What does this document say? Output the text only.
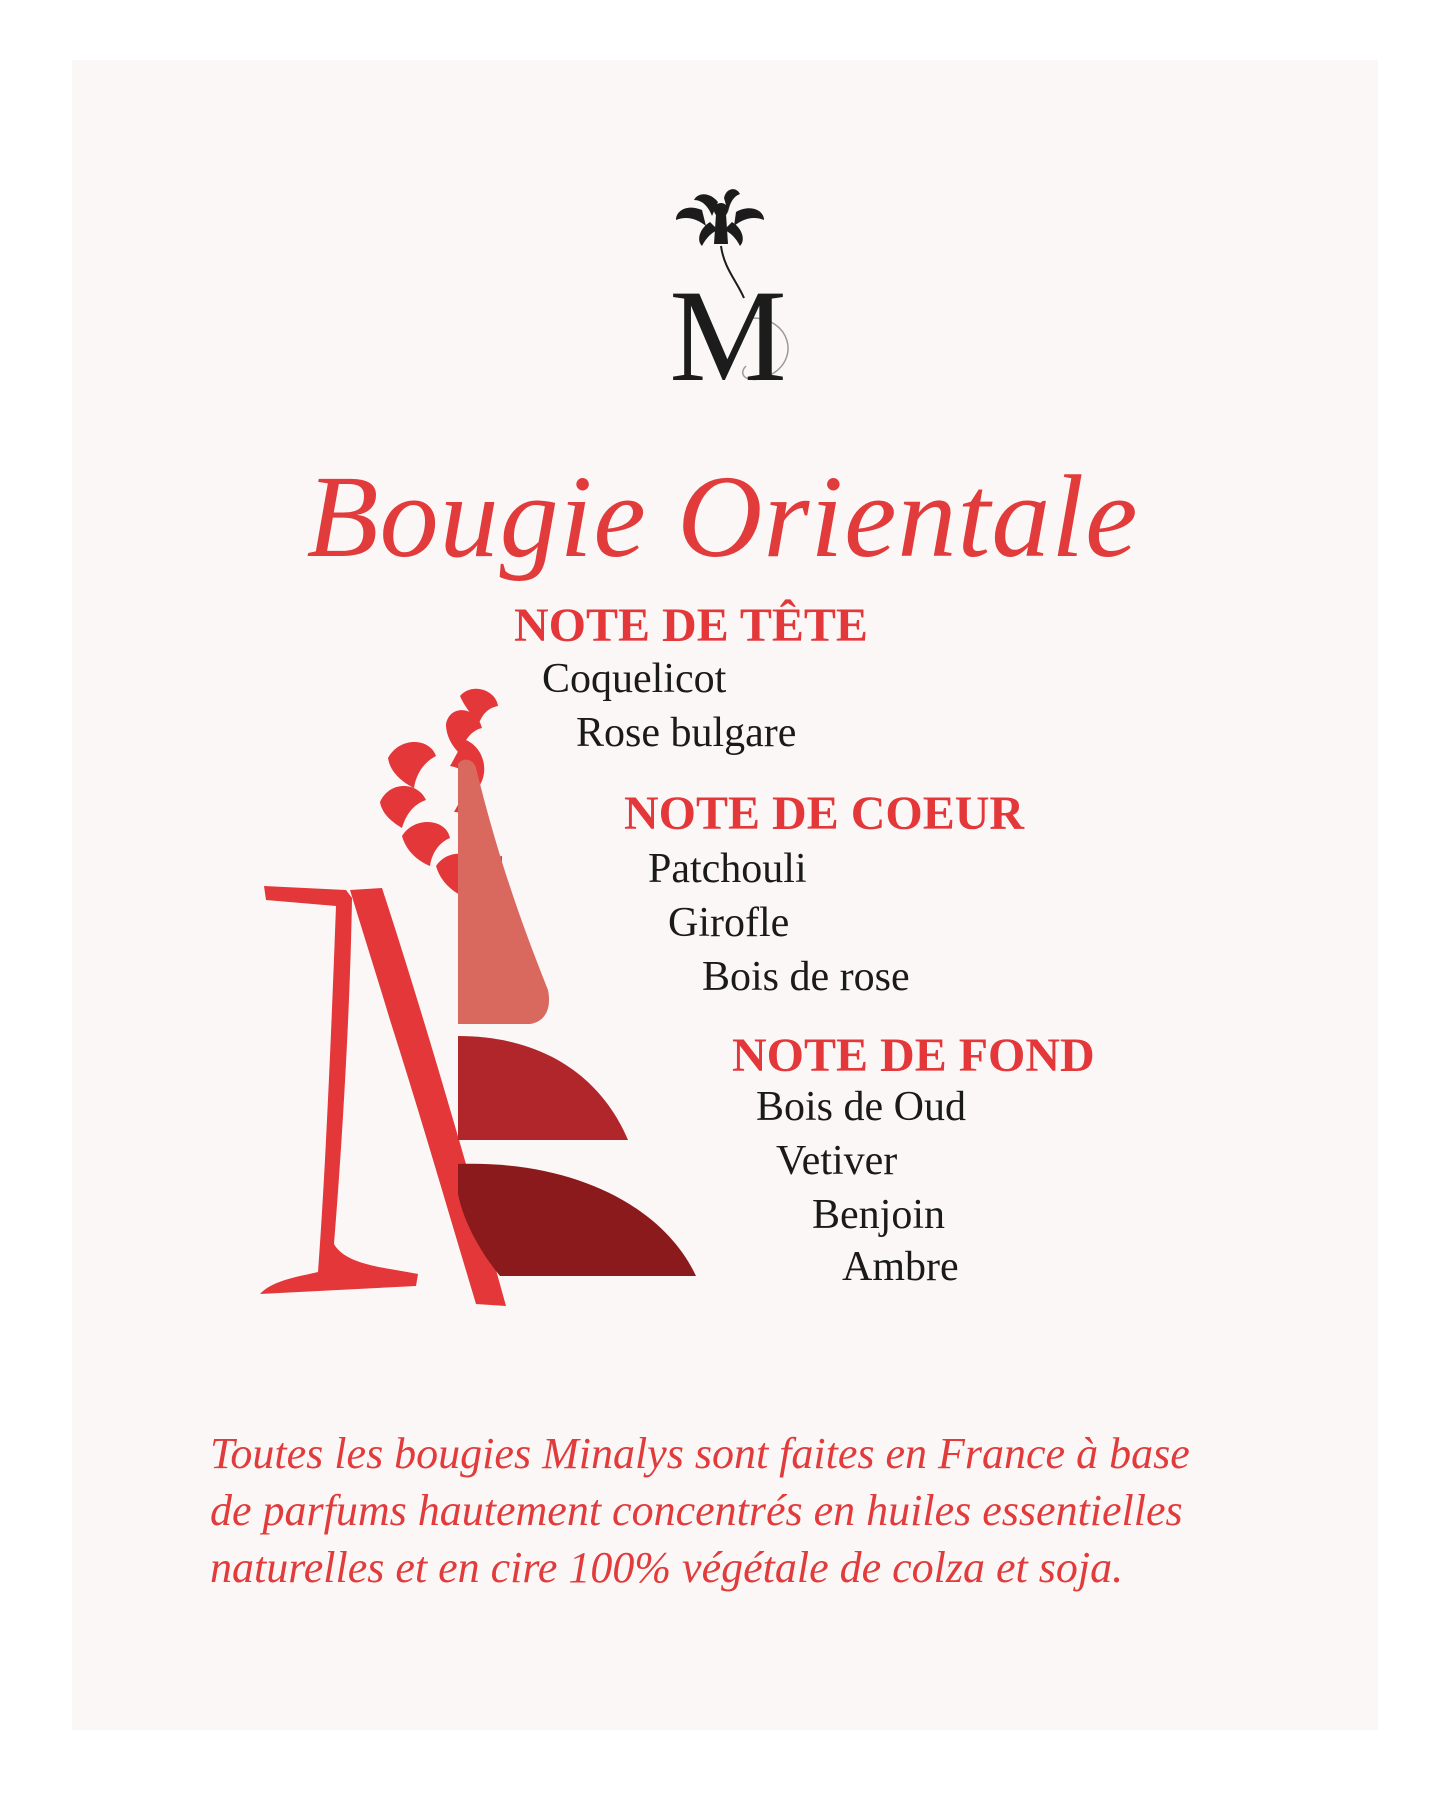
M
Bougie Orientale
NOTE DE TÊTE
Coquelicot
Rose bulgare
NOTE DE COEUR
Patchouli
Girofle
Bois de rose
NOTE DE FOND
Bois de Oud
Vetiver
Benjoin
Ambre
Toutes les bougies Minalys sont faites en France à base de parfums hautement concentrés en huiles essentielles naturelles et en cire 100% végétale de colza et soja.
